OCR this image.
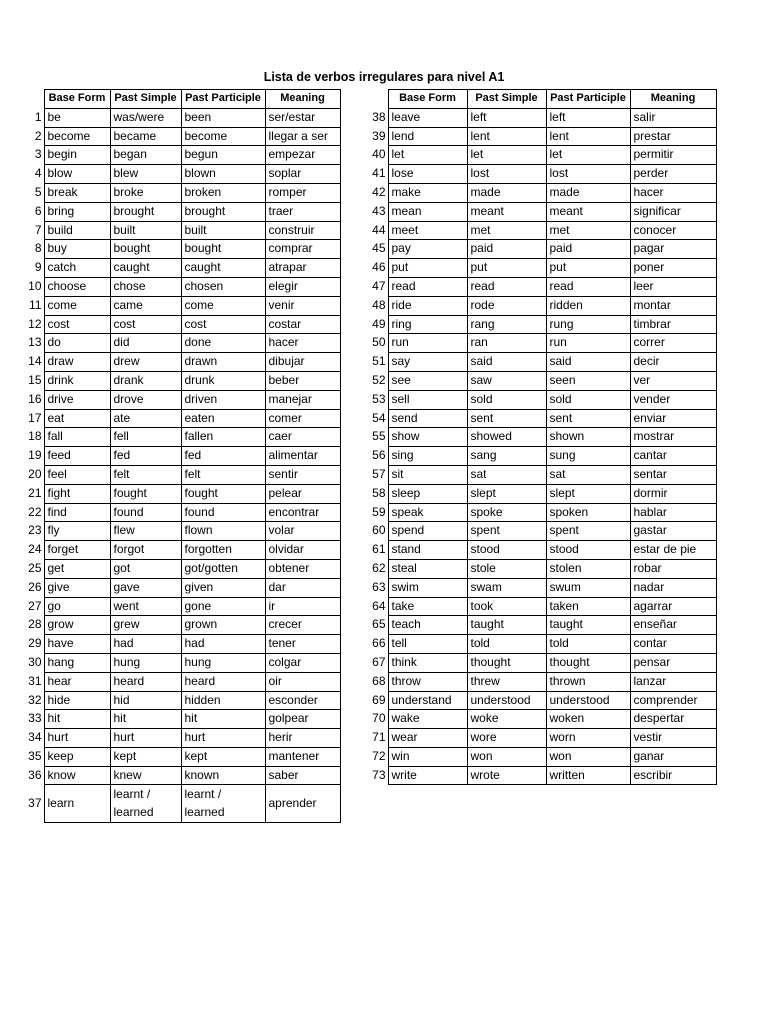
Lista de verbos irregulares para nivel A1
	Base Form	Past Simple	Past Participle	Meaning
1	be	was/were	been	ser/estar
2	become	became	become	llegar a ser
3	begin	began	begun	empezar
4	blow	blew	blown	soplar
5	break	broke	broken	romper
6	bring	brought	brought	traer
7	build	built	built	construir
8	buy	bought	bought	comprar
9	catch	caught	caught	atrapar
10	choose	chose	chosen	elegir
11	come	came	come	venir
12	cost	cost	cost	costar
13	do	did	done	hacer
14	draw	drew	drawn	dibujar
15	drink	drank	drunk	beber
16	drive	drove	driven	manejar
17	eat	ate	eaten	comer
18	fall	fell	fallen	caer
19	feed	fed	fed	alimentar
20	feel	felt	felt	sentir
21	fight	fought	fought	pelear
22	find	found	found	encontrar
23	fly	flew	flown	volar
24	forget	forgot	forgotten	olvidar
25	get	got	got/gotten	obtener
26	give	gave	given	dar
27	go	went	gone	ir
28	grow	grew	grown	crecer
29	have	had	had	tener
30	hang	hung	hung	colgar
31	hear	heard	heard	oir
32	hide	hid	hidden	esconder
33	hit	hit	hit	golpear
34	hurt	hurt	hurt	herir
35	keep	kept	kept	mantener
36	know	knew	known	saber
37	learn	learnt / learned	learnt / learned	aprender
	Base Form	Past Simple	Past Participle	Meaning
38	leave	left	left	salir
39	lend	lent	lent	prestar
40	let	let	let	permitir
41	lose	lost	lost	perder
42	make	made	made	hacer
43	mean	meant	meant	significar
44	meet	met	met	conocer
45	pay	paid	paid	pagar
46	put	put	put	poner
47	read	read	read	leer
48	ride	rode	ridden	montar
49	ring	rang	rung	timbrar
50	run	ran	run	correr
51	say	said	said	decir
52	see	saw	seen	ver
53	sell	sold	sold	vender
54	send	sent	sent	enviar
55	show	showed	shown	mostrar
56	sing	sang	sung	cantar
57	sit	sat	sat	sentar
58	sleep	slept	slept	dormir
59	speak	spoke	spoken	hablar
60	spend	spent	spent	gastar
61	stand	stood	stood	estar de pie
62	steal	stole	stolen	robar
63	swim	swam	swum	nadar
64	take	took	taken	agarrar
65	teach	taught	taught	enseñar
66	tell	told	told	contar
67	think	thought	thought	pensar
68	throw	threw	thrown	lanzar
69	understand	understood	understood	comprender
70	wake	woke	woken	despertar
71	wear	wore	worn	vestir
72	win	won	won	ganar
73	write	wrote	written	escribir
